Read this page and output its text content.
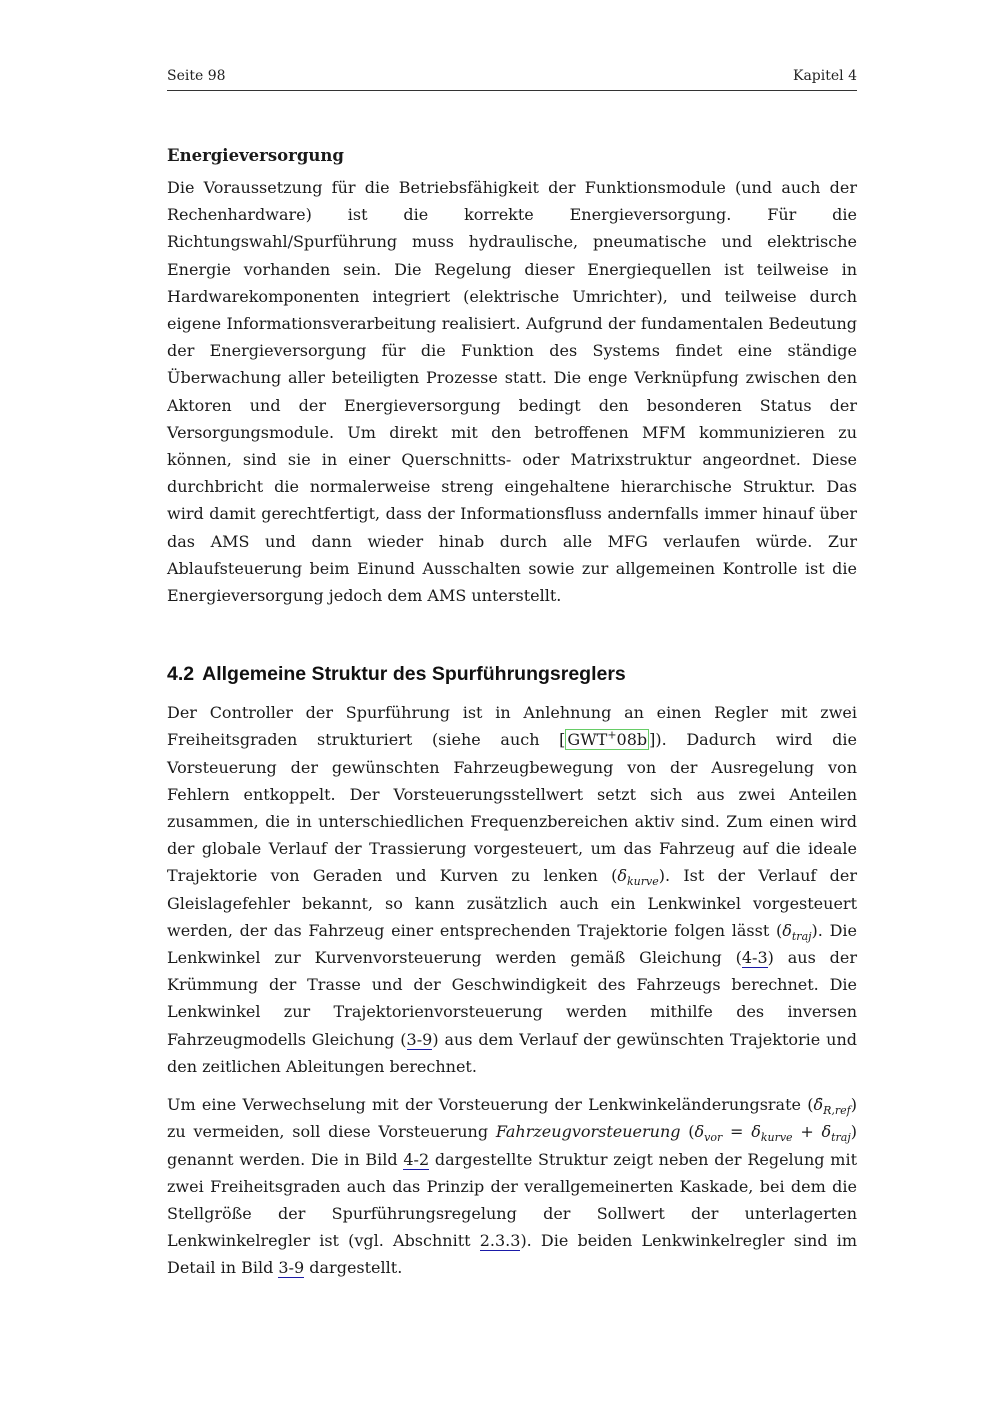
Seite 98	Kapitel 4
Energieversorgung

Die Voraussetzung für die Betriebsfähigkeit der Funktionsmodule (und auch der Rechenhardware) ist die korrekte Energieversorgung. Für die Richtungswahl/Spurführung muss hydraulische, pneumatische und elektrische Energie vorhanden sein. Die Regelung dieser Energiequellen ist teilweise in Hardwarekomponenten integriert (elektrische Umrichter), und teilweise durch eigene Informationsverarbeitung realisiert. Aufgrund der fundamentalen Bedeutung der Energieversorgung für die Funktion des Systems findet eine ständige Überwachung aller beteiligten Prozesse statt. Die enge Verknüpfung zwischen den Aktoren und der Energieversorgung bedingt den besonderen Status der Versorgungsmodule. Um direkt mit den betroffenen MFM kommunizieren zu können, sind sie in einer Querschnitts- oder Matrixstruktur angeordnet. Diese durchbricht die normalerweise streng eingehaltene hierarchische Struktur. Das wird damit gerechtfertigt, dass der Informationsfluss andernfalls immer hinauf über das AMS und dann wieder hinab durch alle MFG verlaufen würde. Zur Ablaufsteuerung beim Einund Ausschalten sowie zur allgemeinen Kontrolle ist die Energieversorgung jedoch dem AMS unterstellt.

4.2 Allgemeine Struktur des Spurführungsreglers

Der Controller der Spurführung ist in Anlehnung an einen Regler mit zwei Freiheitsgraden strukturiert (siehe auch [ GWT+08b ]). Dadurch wird die Vorsteuerung der gewünschten Fahrzeugbewegung von der Ausregelung von Fehlern entkoppelt. Der Vorsteuerungsstellwert setzt sich aus zwei Anteilen zusammen, die in unterschiedlichen Frequenzbereichen aktiv sind. Zum einen wird der globale Verlauf der Trassierung vorgesteuert, um das Fahrzeug auf die ideale Trajektorie von Geraden und Kurven zu lenken $(\delta_{kurve})$. Ist der Verlauf der Gleislagefehler bekannt, so kann zusätzlich auch ein Lenkwinkel vorgesteuert werden, der das Fahrzeug einer entsprechenden Trajektorie folgen lässt $(\delta_{traj})$. Die Lenkwinkel zur Kurvenvorsteuerung werden gemäß Gleichung (4-3) aus der Krümmung der Trasse und der Geschwindigkeit des Fahrzeugs berechnet. Die Lenkwinkel zur Trajektorienvorsteuerung werden mithilfe des inversen Fahrzeugmodells Gleichung (3-9) aus dem Verlauf der gewünschten Trajektorie und den zeitlichen Ableitungen berechnet.

Um eine Verwechselung mit der Vorsteuerung der Lenkwinkeländerungsrate $(\deltȧ_{R,ref})$ zu vermeiden, soll diese Vorsteuerung Fahrzeugvorsteuerung $(\delta_{vor} = \delta_{kurve} + \delta_{traj})$ genannt werden. Die in Bild 4-2 dargestellte Struktur zeigt neben der Regelung mit zwei Freiheitsgraden auch das Prinzip der verallgemeinerten Kaskade, bei dem die Stellgröße der Spurführungsregelung der Sollwert der unterlagerten Lenkwinkelregler ist (vgl. Abschnitt 2.3.3). Die beiden Lenkwinkelregler sind im Detail in Bild 3-9 dargestellt.
